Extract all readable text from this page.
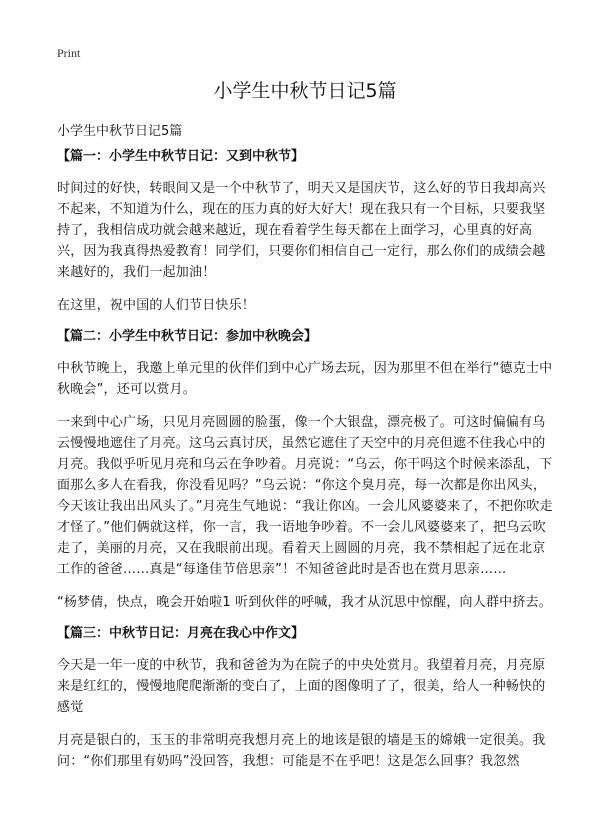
Print
小学生中秋节日记5篇
小学生中秋节日记5篇

【篇一：小学生中秋节日记：又到中秋节】

时间过的好快，转眼间又是一个中秋节了，明天又是国庆节，这么好的节日我却高兴不起来，不知道为什么，现在的压力真的好大好大！现在我只有一个目标，只要我坚持了，我相信成功就会越来越近，现在看着学生每天都在上面学习，心里真的好高兴，因为我真得热爱教育！同学们，只要你们相信自己一定行，那么你们的成绩会越来越好的，我们一起加油！

在这里，祝中国的人们节日快乐！

【篇二：小学生中秋节日记：参加中秋晚会】

中秋节晚上，我邀上单元里的伙伴们到中心广场去玩，因为那里不但在举行“德克士中秋晚会”，还可以赏月。

一来到中心广场，只见月亮圆圆的脸蛋，像一个大银盘，漂亮极了。可这时偏偏有乌云慢慢地遮住了月亮。这乌云真讨厌，虽然它遮住了天空中的月亮但遮不住我心中的月亮。我似乎听见月亮和乌云在争吵着。月亮说：“乌云，你干吗这个时候来添乱，下面那么多人在看我，你没看见吗？”乌云说：“你这个臭月亮，每一次都是你出风头，今天该让我出出风头了。”月亮生气地说：“我让你凶。一会儿风婆婆来了，不把你吹走才怪了。”他们俩就这样，你一言，我一语地争吵着。不一会儿风婆婆来了，把乌云吹走了，美丽的月亮，又在我眼前出现。看着天上圆圆的月亮，我不禁相起了远在北京工作的爸爸……真是“每逢佳节倍思亲”！不知爸爸此时是否也在赏月思亲……

“杨梦倩，快点，晚会开始啦1 听到伙伴的呼喊，我才从沉思中惊醒，向人群中挤去。

【篇三：中秋节日记：月亮在我心中作文】

今天是一年一度的中秋节，我和爸爸为为在院子的中央处赏月。我望着月亮，月亮原来是红红的，慢慢地爬爬渐渐的变白了，上面的图像明了了，很美，给人一种畅快的感觉

月亮是银白的，玉玉的非常明亮我想月亮上的地该是银的墙是玉的嫦娥一定很美。我问：“你们那里有奶吗”没回答，我想：可能是不在乎吧！这是怎么回事？我忽然
